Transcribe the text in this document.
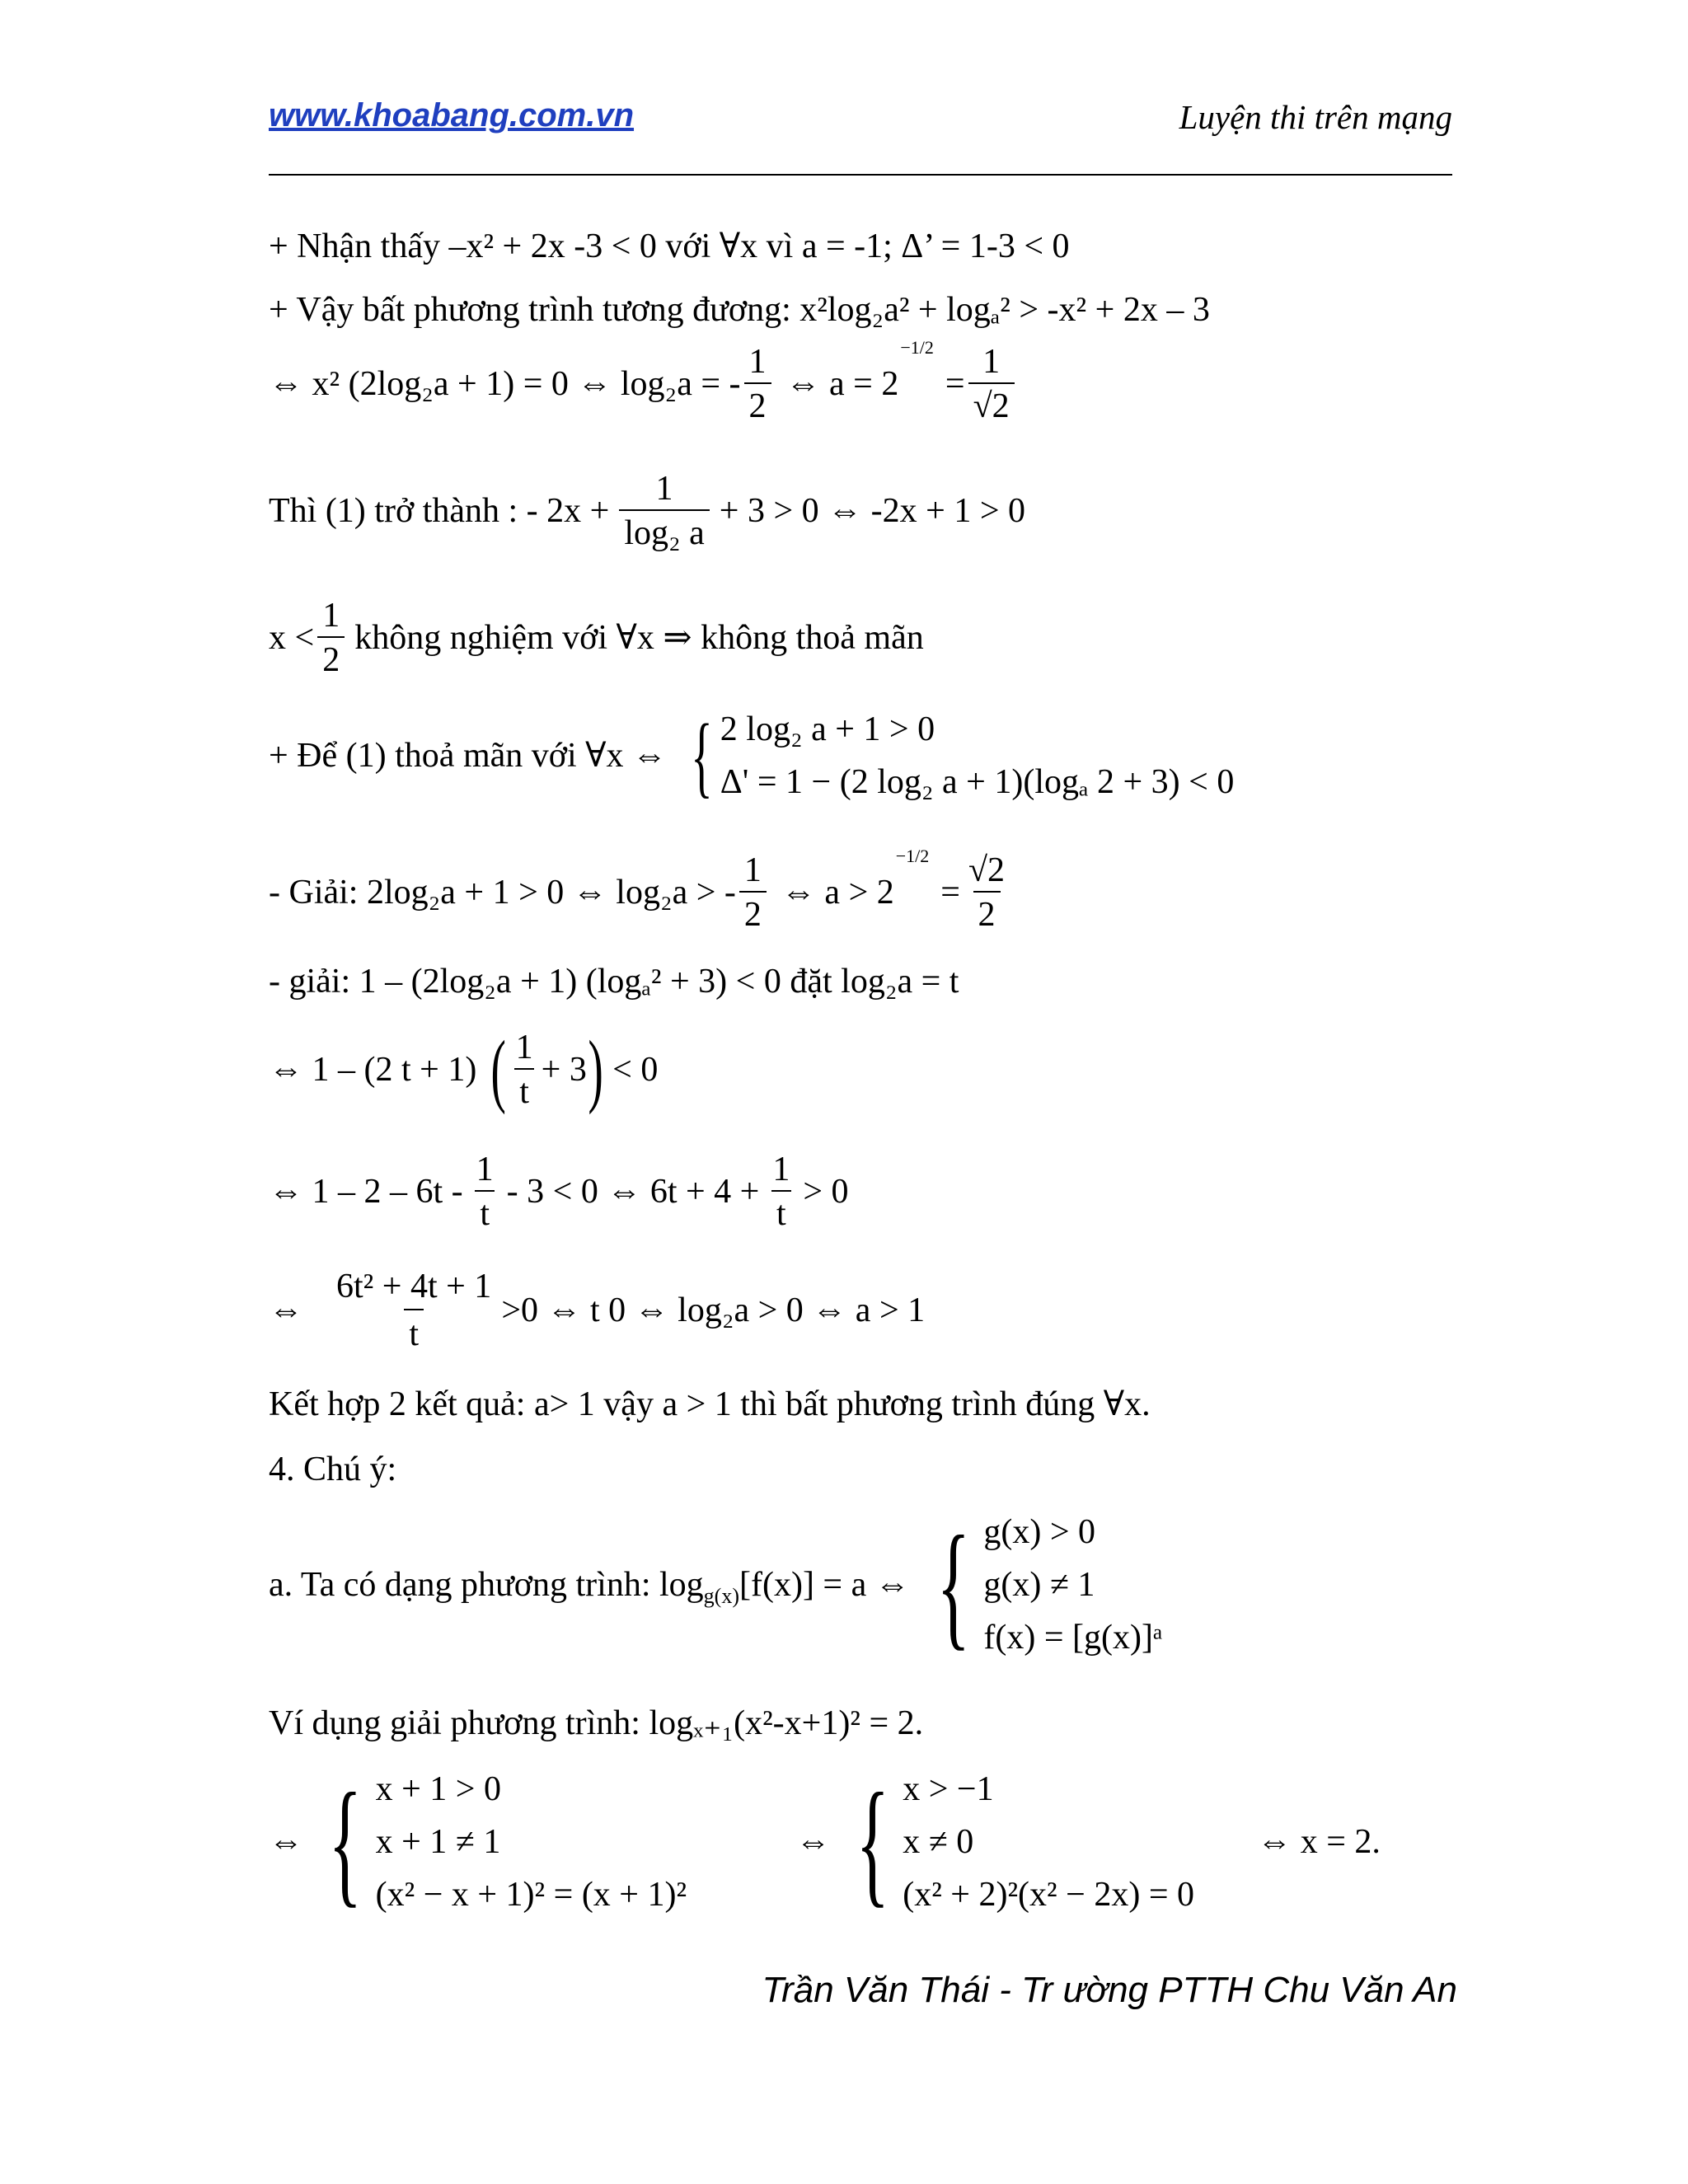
www.khoabang.com.vn	Luyện thi trên mạng
+ Nhận thấy –x² + 2x -3 < 0 với ∀x vì a = -1; Δ’ = 1-3 < 0
+ Vậy bất phương trình tương đương: x²log₂a² + logₐ² > -x² + 2x – 3
⇔ x² (2log₂a + 1) = 0 ⇔ log₂a = - $\frac{1}{2}$ ⇔ a = 2
−1/2
= $\frac{1}{√2}$
Thì (1) trở thành : - $2x + \frac{1}{\text{log₂ a}} + 3 > 0$ ⇔ -2x + 1 > 0
$x < \frac{1}{2}$ không nghiệm với ∀x ⇒ không thoả mãn
+ Để (1) thoả mãn với ∀x ⇔ { 2 log₂ a + 1 > 0
Δ' = 1 − (2 log₂ a + 1)(logₐ 2 + 3) < 0
- Giải: 2log₂a + 1 > 0 ⇔ log₂a > - $\frac{1}{2}$ ⇔ a > 2
−1/2
= $\frac{√2}{2}$
- giải: 1 – (2log₂a + 1) (logₐ² + 3) < 0 đặt log₂a = t
⇔ 1 – (2 t + 1) ( $\frac{1}{t} + 3$ ) < 0
⇔ $1 - 2 - 6t - \frac{1}{t} - 3 < 0$ ⇔ $6t + 4 + \frac{1}{t} > 0$
⇔ $\frac{\text{6t² + 4t + 1}}{t} >0$ ⇔ t 0 ⇔ log₂a > 0 ⇔ a > 1
Kết hợp 2 kết quả: a> 1 vậy a > 1 thì bất phương trình đúng ∀x.
4. Chú ý:
a. Ta có dạng phương trình: log g(x) [f(x)] = a ⇔ { g(x) > 0
g(x) ≠ 1
f(x) = [g(x)]ᵃ
Ví dụng giải phương trình: logₓ₊₁(x²-x+1)² = 2.
⇔ { x + 1 > 0
x + 1 ≠ 1
(x² − x + 1)² = (x + 1)²
⇔ { x > −1
x ≠ 0
(x² + 2)²(x² − 2x) = 0
⇔ x = 2.
Trần Văn Thái - Tr ường PTTH Chu Văn An
